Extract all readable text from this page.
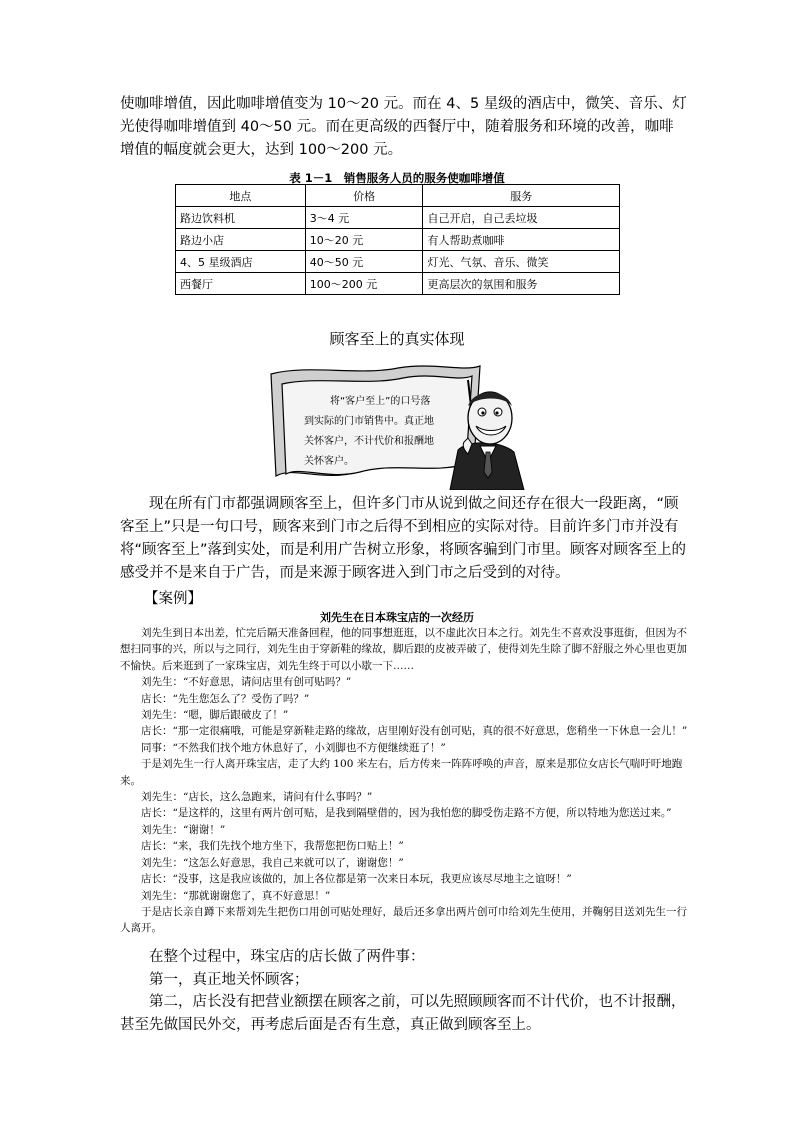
使咖啡增值，因此咖啡增值变为 10～20 元。而在 4、5 星级的酒店中，微笑、音乐、灯光使得咖啡增值到 40～50 元。而在更高级的西餐厅中，随着服务和环境的改善，咖啡增值的幅度就会更大，达到 100～200 元。
表 1－1　销售服务人员的服务使咖啡增值
地点	价格	服务
路边饮料机	3～4 元	自己开启，自己丢垃圾
路边小店	10～20 元	有人帮助煮咖啡
4、5 星级酒店	40～50 元	灯光、气氛、音乐、微笑
西餐厅	100～200 元	更高层次的氛围和服务
顾客至上的真实体现
将“客户至上”的口号落
到实际的门市销售中。真正地
关怀客户，不计代价和报酬地
关怀客户。
现在所有门市都强调顾客至上，但许多门市从说到做之间还存在很大一段距离，“顾客至上”只是一句口号，顾客来到门市之后得不到相应的实际对待。目前许多门市并没有将“顾客至上”落到实处，而是利用广告树立形象，将顾客骗到门市里。顾客对顾客至上的感受并不是来自于广告，而是来源于顾客进入到门市之后受到的对待。
【案例】
刘先生在日本珠宝店的一次经历

刘先生到日本出差，忙完后隔天准备回程，他的同事想逛逛，以不虚此次日本之行。刘先生不喜欢没事逛街，但因为不想扫同事的兴，所以与之同行，刘先生由于穿新鞋的缘故，脚后跟的皮被弄破了，使得刘先生除了脚不舒服之外心里也更加不愉快。后来逛到了一家珠宝店，刘先生终于可以小歇一下……

刘先生：“不好意思，请问店里有创可贴吗？”

店长：“先生您怎么了？受伤了吗？”

刘先生：“嗯，脚后跟破皮了！”

店长：“那一定很痛哦，可能是穿新鞋走路的缘故，店里刚好没有创可贴，真的很不好意思，您稍坐一下休息一会儿！”

同事：“不然我们找个地方休息好了，小刘脚也不方便继续逛了！”

于是刘先生一行人离开珠宝店，走了大约 100 米左右，后方传来一阵阵呼唤的声音，原来是那位女店长气喘吁吁地跑来。

刘先生：“店长，这么急跑来，请问有什么事吗？”

店长：“是这样的，这里有两片创可贴，是我到隔壁借的，因为我怕您的脚受伤走路不方便，所以特地为您送过来。”

刘先生：“谢谢！”

店长：“来，我们先找个地方坐下，我帮您把伤口贴上！”

刘先生：“这怎么好意思，我自己来就可以了，谢谢您！”

店长：“没事，这是我应该做的，加上各位都是第一次来日本玩，我更应该尽尽地主之谊呀！”

刘先生：“那就谢谢您了，真不好意思！”

于是店长亲自蹲下来帮刘先生把伤口用创可贴处理好，最后还多拿出两片创可巾给刘先生使用，并鞠躬目送刘先生一行人离开。

在整个过程中，珠宝店的店长做了两件事：

第一，真正地关怀顾客；

第二，店长没有把营业额摆在顾客之前，可以先照顾顾客而不计代价，也不计报酬，甚至先做国民外交，再考虑后面是否有生意，真正做到顾客至上。
